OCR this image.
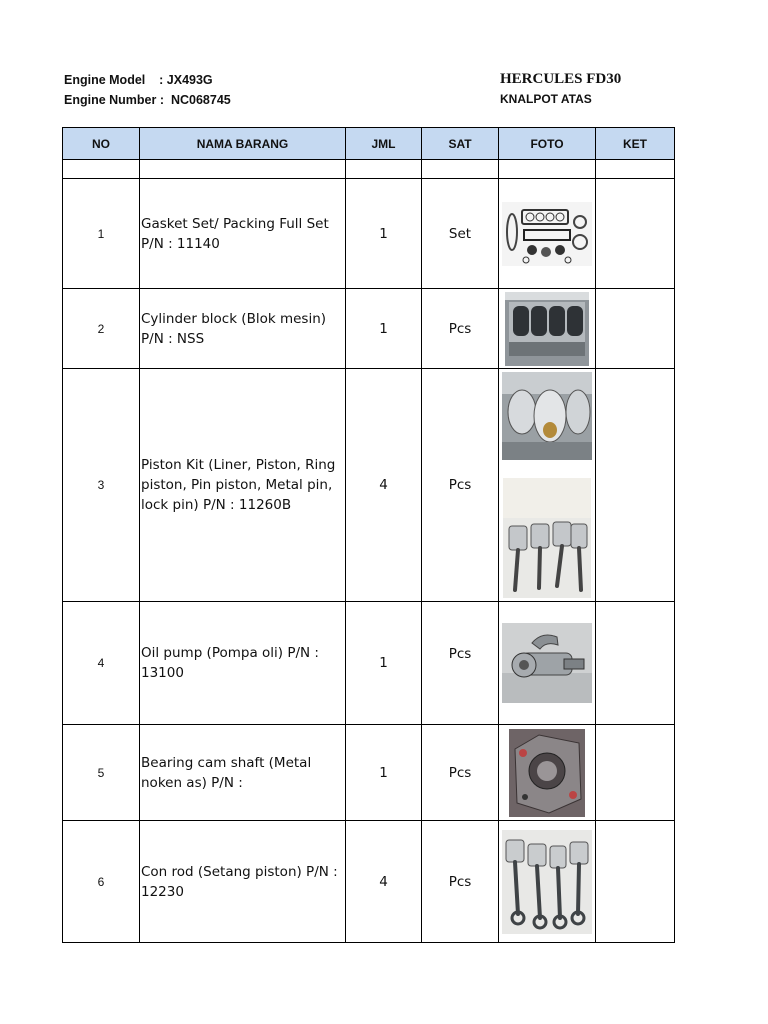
Engine Model : JX493G
Engine Number : NC068745
HERCULES FD30
KNALPOT ATAS
NO	NAMA BARANG	JML	SAT	FOTO	KET

1	Gasket Set/ Packing Full Set P/N : 11140	1	Set	

2	Cylinder block (Blok mesin) P/N : NSS	1	Pcs	

3	Piston Kit (Liner, Piston, Ring piston, Pin piston, Metal pin, lock pin) P/N : 11260B	4	Pcs	

4	Oil pump (Pompa oli) P/N : 13100	1	Pcs	

5	Bearing cam shaft (Metal noken as) P/N :	1	Pcs	

6	Con rod (Setang piston) P/N : 12230	4	Pcs	
